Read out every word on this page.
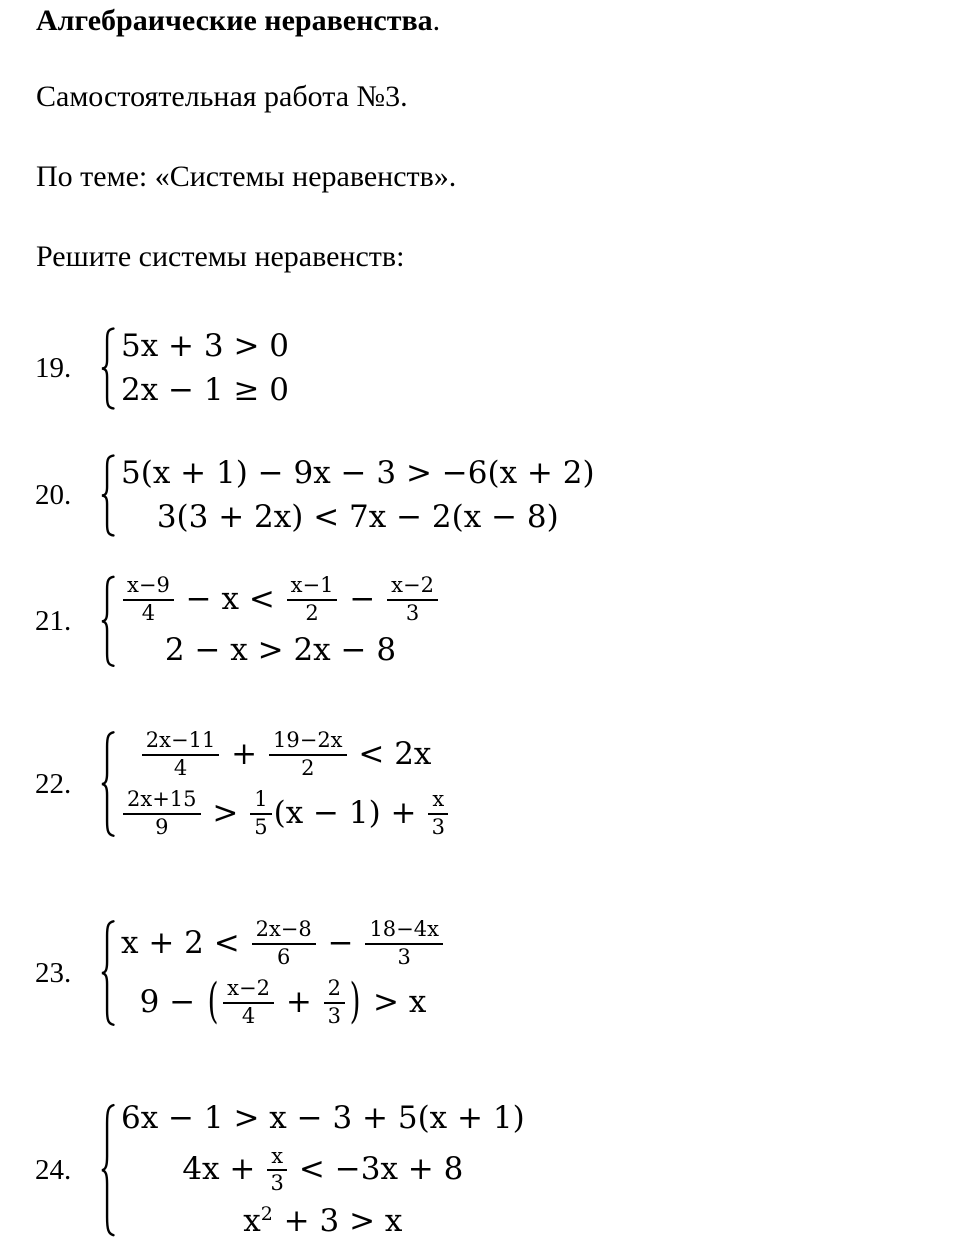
Алгебраические неравенства.
Самостоятельная работа №3.
По теме: «Системы неравенств».
Решите системы неравенств:
19.
5x + 3 > 0
2x − 1 ≥ 0
20.
5(x + 1) − 9x − 3 > −6(x + 2)
3(3 + 2x) < 7x − 2(x − 8)
21.	$\frac{x-9}{4} - x < \frac{x-1}{2} - \frac{x-2}{3}$
2 − x > 2x − 8
22.
$\frac{2x-11}{4} + \frac{19-2x}{2} < 2x$
$\frac{2x+15}{9} > \frac{1}{5} (x - 1) + \frac{x}{3}$
23.
$x + 2 < \frac{2x-8}{6} - \frac{18-4x}{3}$
9 − ( $\frac{x-2}{4} + \frac{2}{3}$ ) > x
24.
6x − 1 > x − 3 + 5(x + 1)
$4x + \frac{x}{3} < -3x + 8$
x 2 + 3 > x
